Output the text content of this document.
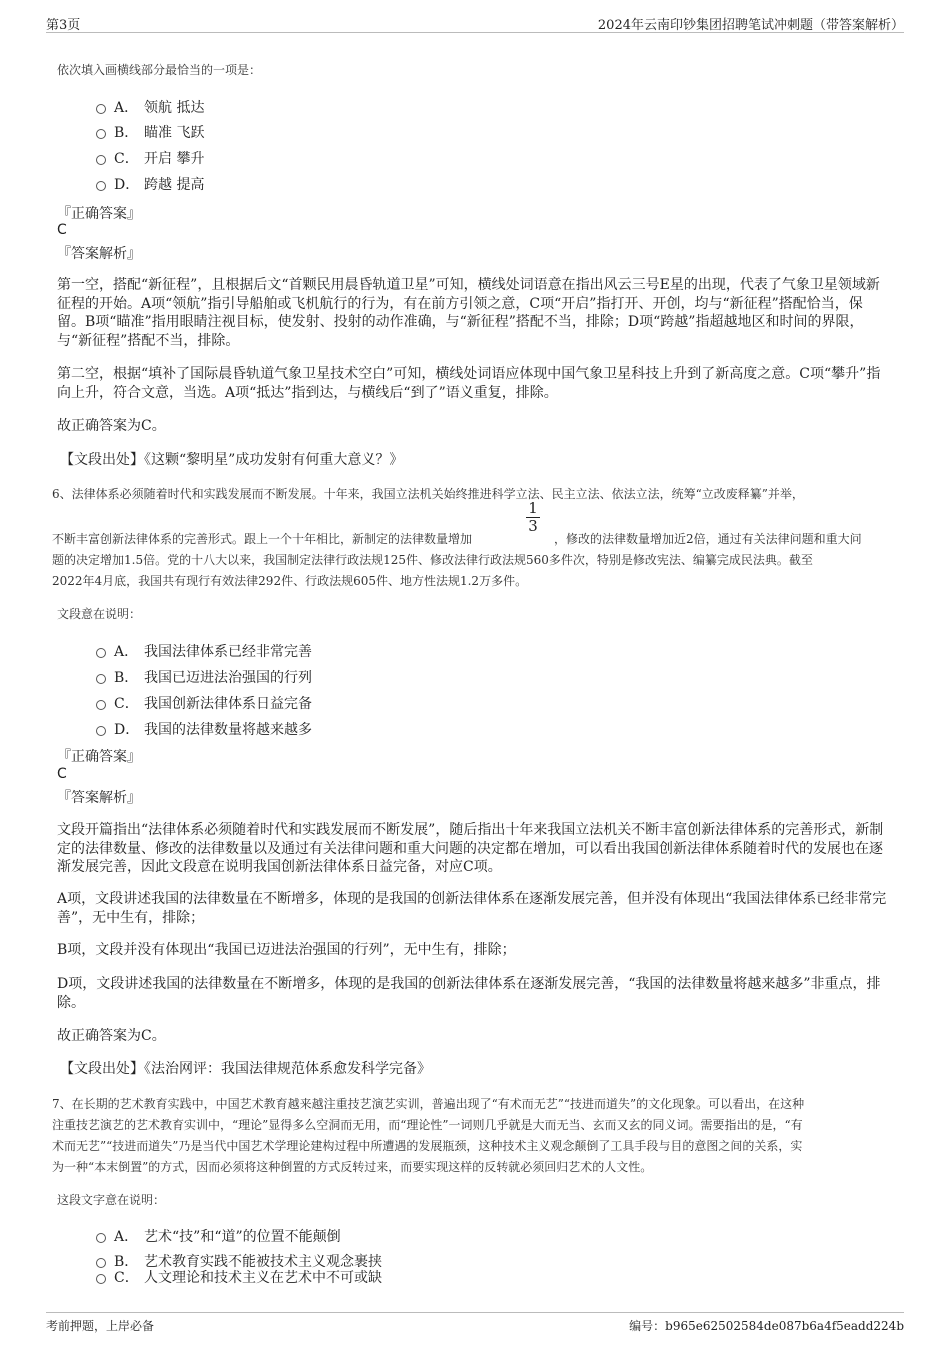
第3页	2024年云南印钞集团招聘笔试冲刺题（带答案解析）
依次填入画横线部分最恰当的一项是：
A． 领航 抵达
B． 瞄准 飞跃
C． 开启 攀升
D． 跨越 提高
『正确答案』
C
『答案解析』
第一空，搭配“新征程”，且根据后文“首颗民用晨昏轨道卫星”可知，横线处词语意在指出风云三号E星的出现，代表了气象卫星领域新征程的开始。A项“领航”指引导船舶或飞机航行的行为，有在前方引领之意，C项“开启”指打开、开创，均与“新征程”搭配恰当，保留。B项“瞄准”指用眼睛注视目标，使发射、投射的动作准确，与“新征程”搭配不当，排除；D项“跨越”指超越地区和时间的界限，与“新征程”搭配不当，排除。
第二空，根据“填补了国际晨昏轨道气象卫星技术空白”可知，横线处词语应体现中国气象卫星科技上升到了新高度之意。C项“攀升”指向上升，符合文意，当选。A项“抵达”指到达，与横线后“到了”语义重复，排除。
故正确答案为C。
【文段出处】《这颗“黎明星”成功发射有何重大意义？》
6、法律体系必须随着时代和实践发展而不断发展。十年来，我国立法机关始终推进科学立法、民主立法、依法立法，统筹“立改废释纂”并举，
不断丰富创新法律体系的完善形式。跟上一个十年相比，新制定的法律数量增加
$\frac{1}{3}$
，修改的法律数量增加近2倍，通过有关法律问题和重大问
题的决定增加1.5倍。党的十八大以来，我国制定法律行政法规125件、修改法律行政法规560多件次，特别是修改宪法、编纂完成民法典。截至
2022年4月底，我国共有现行有效法律292件、行政法规605件、地方性法规1.2万多件。
文段意在说明：
A． 我国法律体系已经非常完善
B． 我国已迈进法治强国的行列
C． 我国创新法律体系日益完备
D． 我国的法律数量将越来越多
『正确答案』
C
『答案解析』
文段开篇指出“法律体系必须随着时代和实践发展而不断发展”，随后指出十年来我国立法机关不断丰富创新法律体系的完善形式，新制定的法律数量、修改的法律数量以及通过有关法律问题和重大问题的决定都在增加，可以看出我国创新法律体系随着时代的发展也在逐渐发展完善，因此文段意在说明我国创新法律体系日益完备，对应C项。
A项，文段讲述我国的法律数量在不断增多，体现的是我国的创新法律体系在逐渐发展完善，但并没有体现出“我国法律体系已经非常完善”，无中生有，排除；
B项，文段并没有体现出“我国已迈进法治强国的行列”，无中生有，排除；
D项，文段讲述我国的法律数量在不断增多，体现的是我国的创新法律体系在逐渐发展完善，“我国的法律数量将越来越多”非重点，排除。
故正确答案为C。
【文段出处】《法治网评：我国法律规范体系愈发科学完备》
7、在长期的艺术教育实践中，中国艺术教育越来越注重技艺演艺实训，普遍出现了“有术而无艺”“技进而道失”的文化现象。可以看出，在这种
注重技艺演艺的艺术教育实训中，“理论”显得多么空洞而无用，而“理论性”一词则几乎就是大而无当、玄而又玄的同义词。需要指出的是，“有
术而无艺”“技进而道失”乃是当代中国艺术学理论建构过程中所遭遇的发展瓶颈，这种技术主义观念颠倒了工具手段与目的意图之间的关系，实
为一种“本末倒置”的方式，因而必须将这种倒置的方式反转过来，而要实现这样的反转就必须回归艺术的人文性。
这段文字意在说明：
A． 艺术“技”和“道”的位置不能颠倒
B． 艺术教育实践不能被技术主义观念裹挟
C． 人文理论和技术主义在艺术中不可或缺
考前押题，上岸必备	编号：b965e62502584de087b6a4f5eadd224b
